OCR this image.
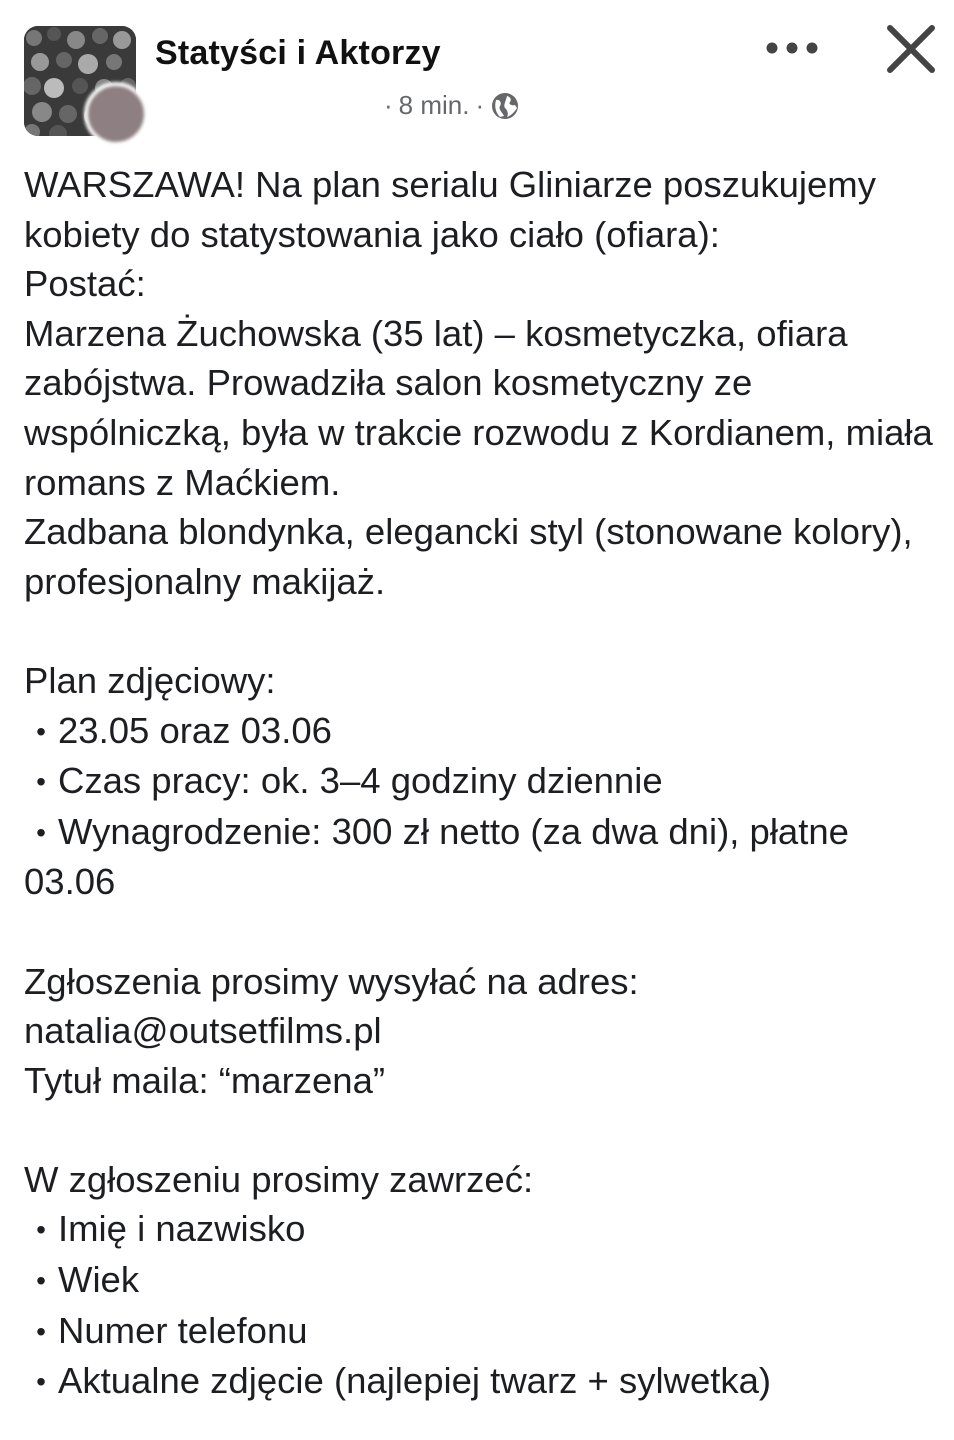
Statyści i Aktorzy
· 8 min. ·

WARSZAWA! Na plan serialu Gliniarze poszukujemy kobiety do statystowania jako ciało (ofiara):

Postać:

Marzena Żuchowska (35 lat) – kosmetyczka, ofiara zabójstwa. Prowadziła salon kosmetyczny ze wspólniczką, była w trakcie rozwodu z Kordianem, miała romans z Maćkiem.

Zadbana blondynka, elegancki styl (stonowane kolory), profesjonalny makijaż.

Plan zdjęciowy:

• 23.05 oraz 03.06

• Czas pracy: ok. 3–4 godziny dziennie

• Wynagrodzenie: 300 zł netto (za dwa dni), płatne 03.06

Zgłoszenia prosimy wysyłać na adres:

natalia@outsetfilms.pl

Tytuł maila: “marzena”

W zgłoszeniu prosimy zawrzeć:

• Imię i nazwisko

• Wiek

• Numer telefonu

• Aktualne zdjęcie (najlepiej twarz + sylwetka)
